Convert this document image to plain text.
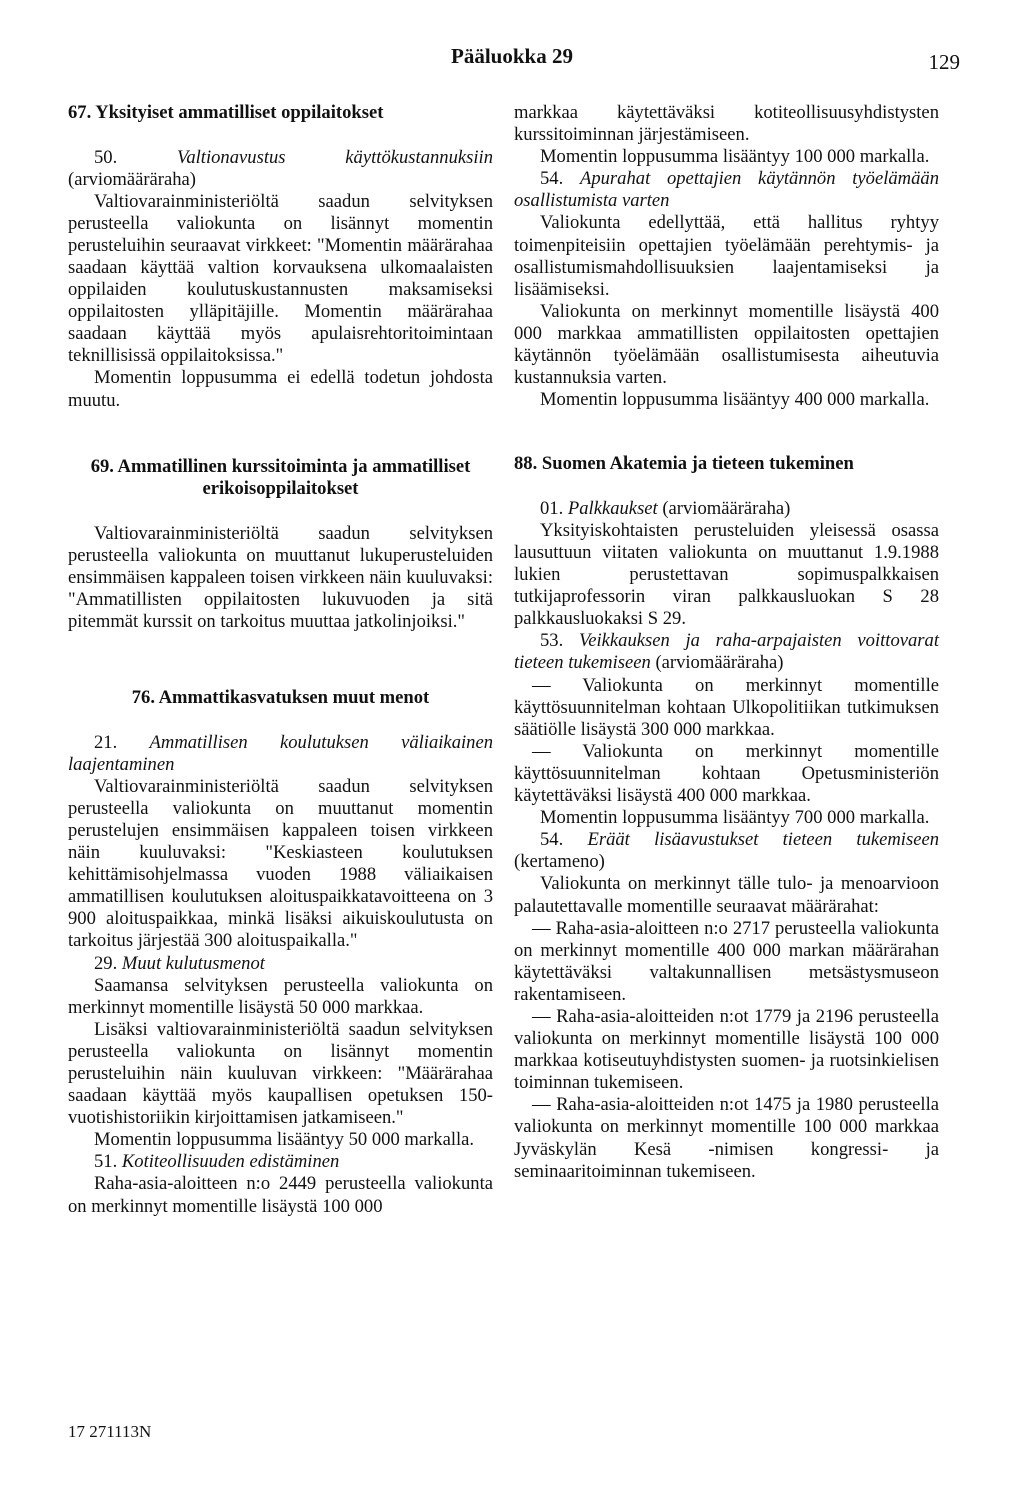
Pääluokka 29	129
67. Yksityiset ammatilliset oppilaitokset

50. Valtionavustus käyttökustannuksiin (arviomääräraha)

Valtiovarainministeriöltä saadun selvityksen perusteella valiokunta on lisännyt momentin perusteluihin seuraavat virkkeet: "Momentin määrärahaa saadaan käyttää valtion korvauksena ulkomaalaisten oppilaiden koulutuskustannusten maksamiseksi oppilaitosten ylläpitäjille. Momentin määrärahaa saadaan käyttää myös apulaisrehtoritoimintaan teknillisissä oppilaitoksissa."

Momentin loppusumma ei edellä todetun johdosta muutu.

69. Ammatillinen kurssitoiminta ja ammatilliset erikoisoppilaitokset

Valtiovarainministeriöltä saadun selvityksen perusteella valiokunta on muuttanut lukuperusteluiden ensimmäisen kappaleen toisen virkkeen näin kuuluvaksi: "Ammatillisten oppilaitosten lukuvuoden ja sitä pitemmät kurssit on tarkoitus muuttaa jatkolinjoiksi."

76. Ammattikasvatuksen muut menot

21. Ammatillisen koulutuksen väliaikainen laajentaminen

Valtiovarainministeriöltä saadun selvityksen perusteella valiokunta on muuttanut momentin perustelujen ensimmäisen kappaleen toisen virkkeen näin kuuluvaksi: "Keskiasteen koulutuksen kehittämisohjelmassa vuoden 1988 väliaikaisen ammatillisen koulutuksen aloituspaikkatavoitteena on 3 900 aloituspaikkaa, minkä lisäksi aikuiskoulutusta on tarkoitus järjestää 300 aloituspaikalla."

29. Muut kulutusmenot

Saamansa selvityksen perusteella valiokunta on merkinnyt momentille lisäystä 50 000 markkaa.

Lisäksi valtiovarainministeriöltä saadun selvityksen perusteella valiokunta on lisännyt momentin perusteluihin näin kuuluvan virkkeen: "Määrärahaa saadaan käyttää myös kaupallisen opetuksen 150-vuotishistoriikin kirjoittamisen jatkamiseen."

Momentin loppusumma lisääntyy 50 000 markalla.

51. Kotiteollisuuden edistäminen

Raha-asia-aloitteen n:o 2449 perusteella valiokunta on merkinnyt momentille lisäystä 100 000

markkaa käytettäväksi kotiteollisuusyhdistysten kurssitoiminnan järjestämiseen.

Momentin loppusumma lisääntyy 100 000 markalla.

54. Apurahat opettajien käytännön työelämään osallistumista varten

Valiokunta edellyttää, että hallitus ryhtyy toimenpiteisiin opettajien työelämään perehtymis- ja osallistumismahdollisuuksien laajentamiseksi ja lisäämiseksi.

Valiokunta on merkinnyt momentille lisäystä 400 000 markkaa ammatillisten oppilaitosten opettajien käytännön työelämään osallistumisesta aiheutuvia kustannuksia varten.

Momentin loppusumma lisääntyy 400 000 markalla.

88. Suomen Akatemia ja tieteen tukeminen

01. Palkkaukset (arviomääräraha)

Yksityiskohtaisten perusteluiden yleisessä osassa lausuttuun viitaten valiokunta on muuttanut 1.9.1988 lukien perustettavan sopimuspalkkaisen tutkijaprofessorin viran palkkausluokan S 28 palkkausluokaksi S 29.

53. Veikkauksen ja raha-arpajaisten voittovarat tieteen tukemiseen (arviomääräraha)

— Valiokunta on merkinnyt momentille käyttösuunnitelman kohtaan Ulkopolitiikan tutkimuksen säätiölle lisäystä 300 000 markkaa.

— Valiokunta on merkinnyt momentille käyttösuunnitelman kohtaan Opetusministeriön käytettäväksi lisäystä 400 000 markkaa.

Momentin loppusumma lisääntyy 700 000 markalla.

54. Eräät lisäavustukset tieteen tukemiseen (kertameno)

Valiokunta on merkinnyt tälle tulo- ja menoarvioon palautettavalle momentille seuraavat määrärahat:

— Raha-asia-aloitteen n:o 2717 perusteella valiokunta on merkinnyt momentille 400 000 markan määrärahan käytettäväksi valtakunnallisen metsästysmuseon rakentamiseen.

— Raha-asia-aloitteiden n:ot 1779 ja 2196 perusteella valiokunta on merkinnyt momentille lisäystä 100 000 markkaa kotiseutuyhdistysten suomen- ja ruotsinkielisen toiminnan tukemiseen.

— Raha-asia-aloitteiden n:ot 1475 ja 1980 perusteella valiokunta on merkinnyt momentille 100 000 markkaa Jyväskylän Kesä -nimisen kongressi- ja seminaaritoiminnan tukemiseen.

17 271113N
